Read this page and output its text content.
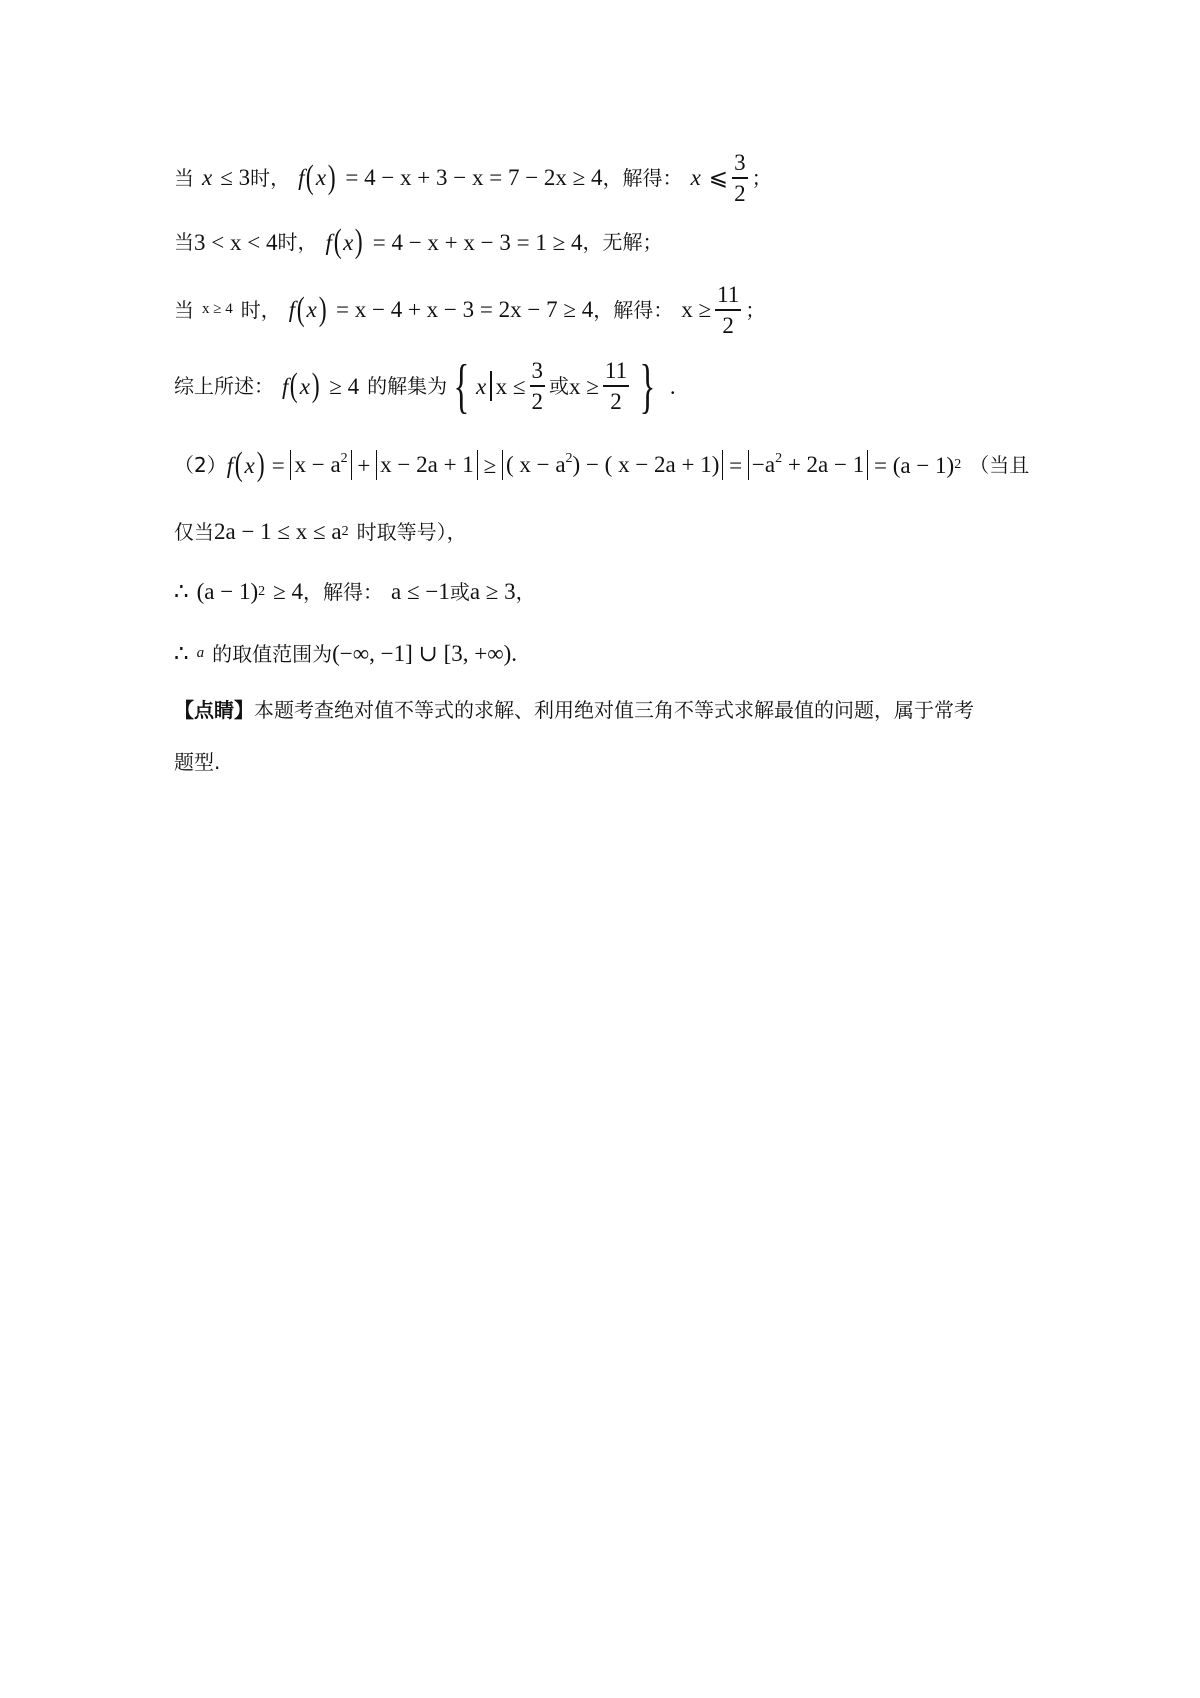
当 x ≤ 3 时， f ( x ) = 4 − x + 3 − x = 7 − 2x ≥ 4 ，解得： x ⩽ $\frac{3}{2}$ ；
当 3 < x < 4 时， f ( x ) = 4 − x + x − 3 = 1 ≥ 4 ，无解；
当 x ≥ 4 时， f ( x ) = x − 4 + x − 3 = 2x − 7 ≥ 4 ，解得： $x \ge \frac{11}{2}$ ；
综上所述： f ( x ) ≥ 4 的解集为 { x $x \le \frac{3}{2}$ 或 $x \ge \frac{11}{2}$ } .
（2） f ( x ) = $x - a^2 + x - 2a + 1$ ≥ ( $x - a^2$) − ( $x - 2a + 1) = -a^2 + 2a - 1 = (a - 1)$ 2 （当且
仅当 2a − 1 ≤ x ≤ a 2 时取等号），
∴ (a − 1) 2 ≥ 4 ，解得： a ≤ −1 或 a ≥ 3 ，
∴ a 的取值范围为 (−∞, −1] ∪ [3, +∞) .
【点睛】 本题考查绝对值不等式的求解、利用绝对值三角不等式求解最值的问题，属于常考
题型.
